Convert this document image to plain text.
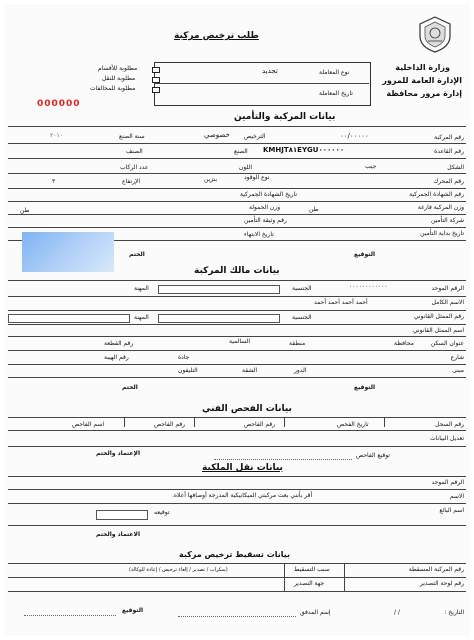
وزارة الداخلية
الإدارة العامة للمرور
إدارة مرور محافظة
طلب ترخيص مركبة
نوع المعاملة
تجديد
تاريخ المعاملة
مطلوبة للأقسام
مطلوبة للنقل
مطلوبة للمخالفات
000000
بيانات المركبة والتأمين
رقم المركبة
٠٠/٠٠٠٠٠
الترخيص
خصوصي
سنة الصنع
٢٠١٠
رقم القاعدة
KMHJT٨١EYGU٠٠٠٠٠٠
الصنع
الصنف
الشكل
جيب
اللون
عدد الركاب
رقم المحرك
نوع الوقود
بنزين
الإرتفاع
٣
رقم الشهادة الجمركية
تاريخ الشهادة الجمركية
وزن المركبة فارغة
طن
وزن الحمولة
طن
شركة التأمين
رقم وثيقة التأمين
تاريخ بداية التأمين
تاريخ الانتهاء
التوقيع
الختم
بيانات مالك المركبة
الرقم الموحد
٠٠٠٠٠٠٠٠٠٠٠٠
الجنسية
المهنة
الاسم الكامل
أحمد أحمد أحمد أحمد
رقم الممثل القانوني
الجنسية
المهنة
اسم الممثل القانوني
عنوان السكن
محافظة
منطقة
السالمية
رقم القطعة
شارع
جادة
رقم الهيبة
مبنى
الدور
الشقة
التليفون
التوقيع
الختم
بيانات الفحص الفني
رقم السجل
تاريخ الفحص
رقم الفاحص
رقم الفاحص
اسم الفاحص
تعديل البيانات
توقيع الفاحص
الإعتماد والختم
بيانات نقل الملكية
الرقم الموحد
الاسم
أقر بأنني بعت مركبتي الميكانيكية المدرجة أوصافها أعلاه.
اسم البائع
توقيعه
الاعتماد والختم
بيانات تسقيط ترخيص مركبة
رقم المركبة المسقطة
سبب التسقيط
(سكراب / تصدير / إلغاء ترخيص / إعادة للوكالة)
رقم لوحة التصدير
جهة التصدير
التاريخ :
/ /
إسم المدقق
التوقيع
